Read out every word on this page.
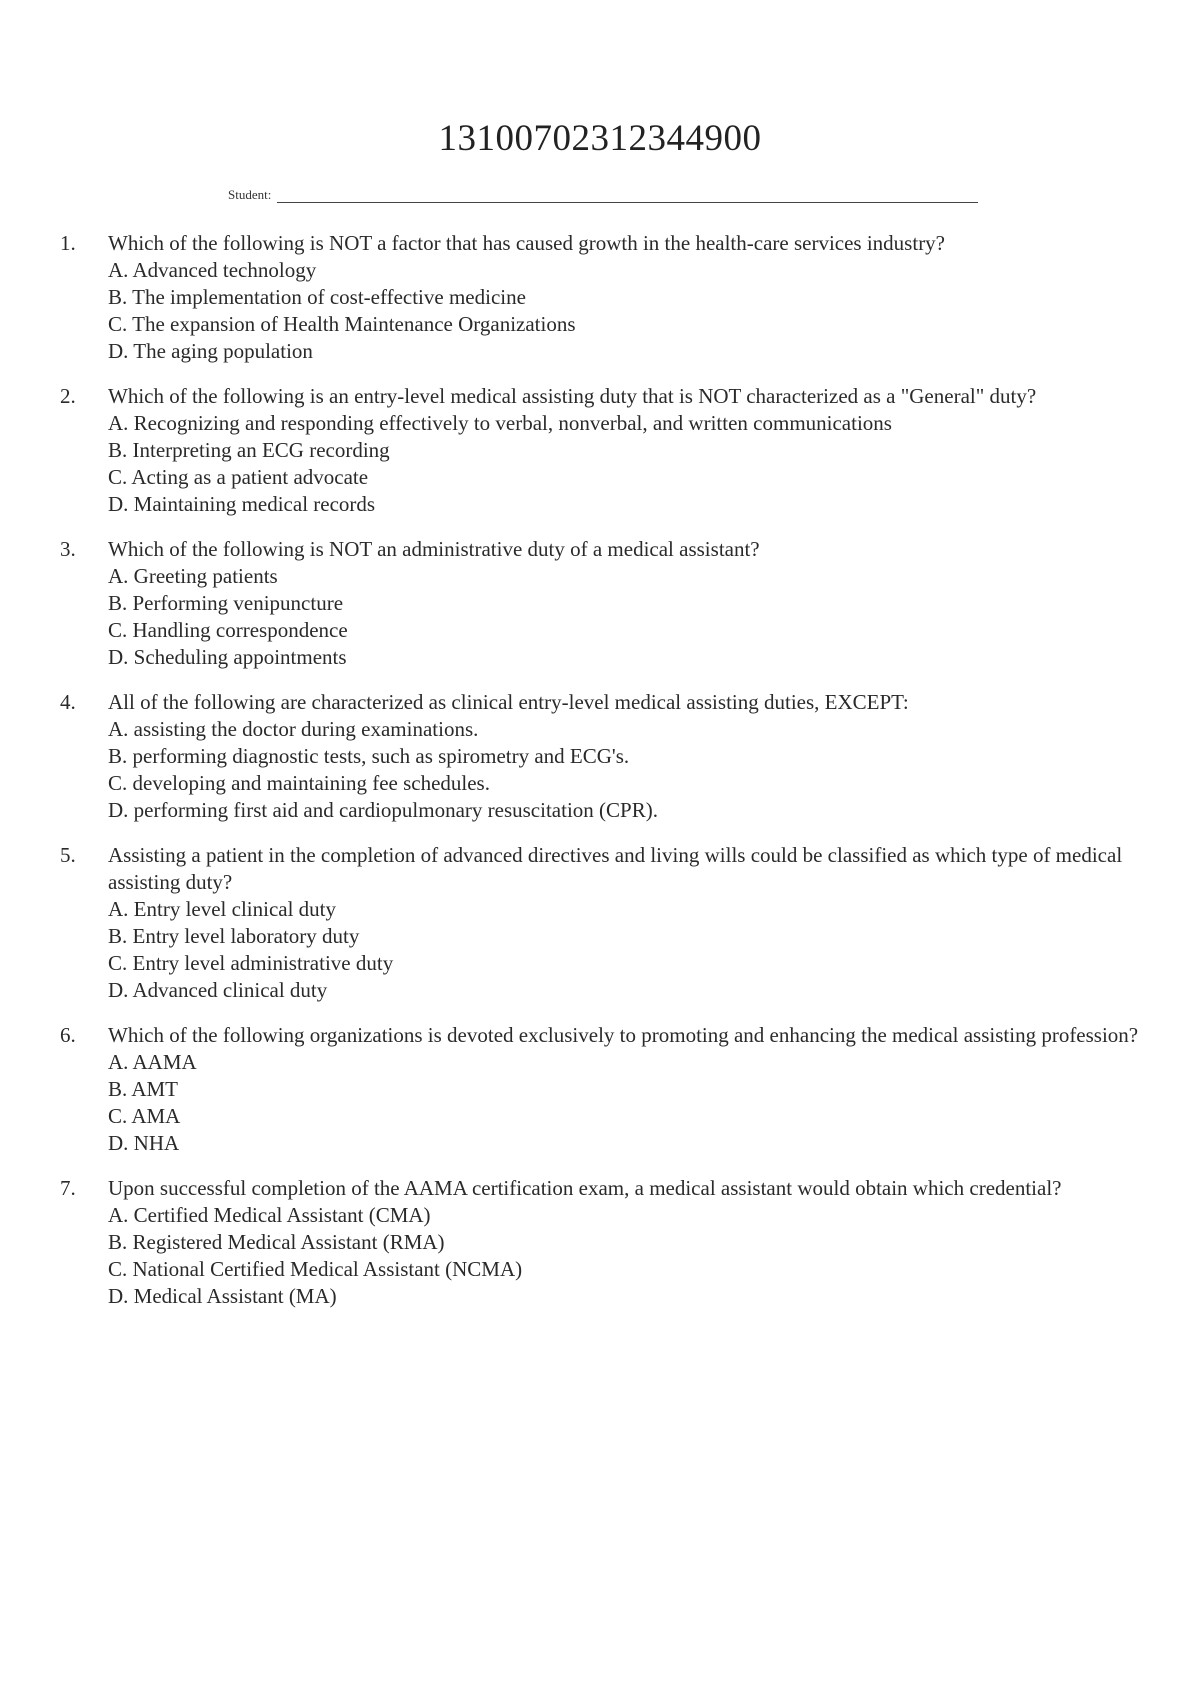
13100702312344900
Student:
1.	Which of the following is NOT a factor that has caused growth in the health-care services industry?
A. Advanced technology
B. The implementation of cost-effective medicine
C. The expansion of Health Maintenance Organizations
D. The aging population
2.	Which of the following is an entry-level medical assisting duty that is NOT characterized as a "General" duty?
A. Recognizing and responding effectively to verbal, nonverbal, and written communications
B. Interpreting an ECG recording
C. Acting as a patient advocate
D. Maintaining medical records
3.	Which of the following is NOT an administrative duty of a medical assistant?
A. Greeting patients
B. Performing venipuncture
C. Handling correspondence
D. Scheduling appointments
4.	All of the following are characterized as clinical entry-level medical assisting duties, EXCEPT:
A. assisting the doctor during examinations.
B. performing diagnostic tests, such as spirometry and ECG's.
C. developing and maintaining fee schedules.
D. performing first aid and cardiopulmonary resuscitation (CPR).
5.	Assisting a patient in the completion of advanced directives and living wills could be classified as which type of medical assisting duty?
A. Entry level clinical duty
B. Entry level laboratory duty
C. Entry level administrative duty
D. Advanced clinical duty
6.	Which of the following organizations is devoted exclusively to promoting and enhancing the medical assisting profession?
A. AAMA
B. AMT
C. AMA
D. NHA
7.	Upon successful completion of the AAMA certification exam, a medical assistant would obtain which credential?
A. Certified Medical Assistant (CMA)
B. Registered Medical Assistant (RMA)
C. National Certified Medical Assistant (NCMA)
D. Medical Assistant (MA)
